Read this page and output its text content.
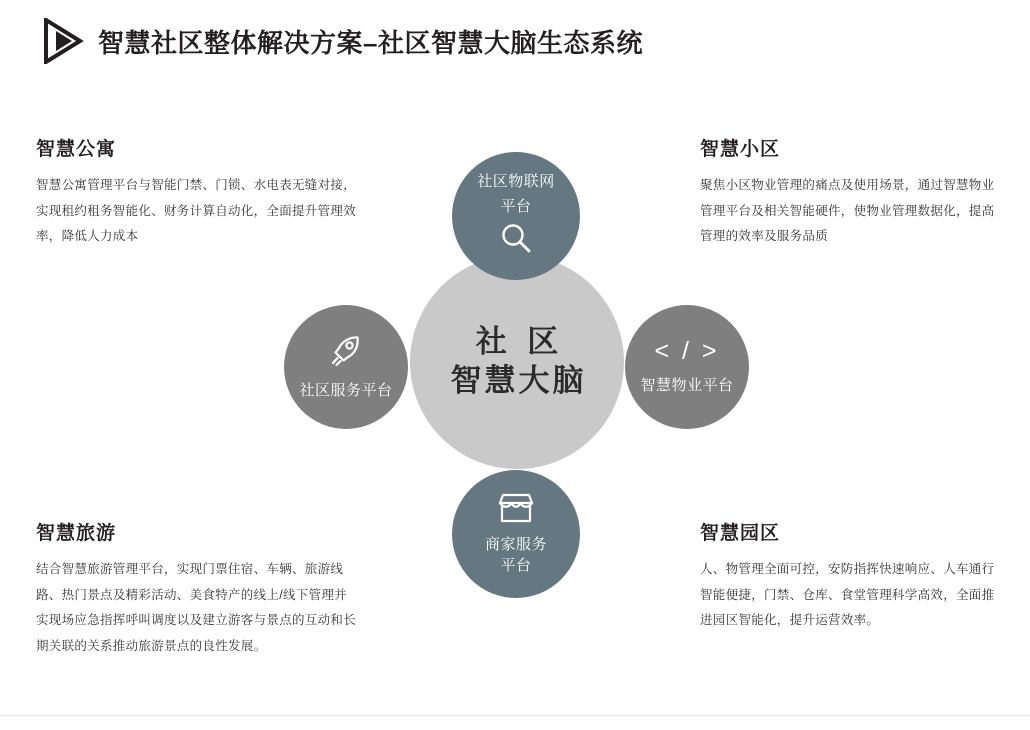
智慧社区整体解决方案–社区智慧大脑生态系统
社 区
智慧大脑
社区物联网
平台
社区服务平台
< / >
智慧物业平台
商家服务
平台
智慧公寓
智慧公寓管理平台与智能门禁、门锁、水电表无缝对接，实现租约租务智能化、财务计算自动化，全面提升管理效率，降低人力成本
智慧小区
聚焦小区物业管理的痛点及使用场景，通过智慧物业管理平台及相关智能硬件，使物业管理数据化，提高管理的效率及服务品质
智慧旅游
结合智慧旅游管理平台，实现门票住宿、车辆、旅游线路、热门景点及精彩活动、美食特产的线上/线下管理并实现场应急指挥呼叫调度以及建立游客与景点的互动和长期关联的关系推动旅游景点的良性发展。
智慧园区
人、物管理全面可控，安防指挥快速响应、人车通行智能便捷，门禁、仓库、食堂管理科学高效，全面推进园区智能化，提升运营效率。
